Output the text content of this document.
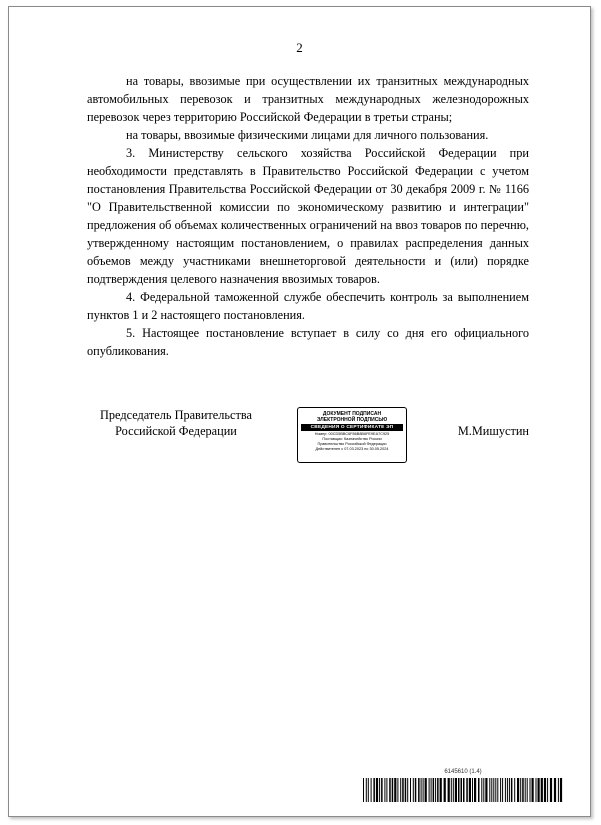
2

на товары, ввозимые при осуществлении их транзитных международных автомобильных перевозок и транзитных международных железнодорожных перевозок через территорию Российской Федерации в третьи страны;

на товары, ввозимые физическими лицами для личного пользования.

3. Министерству сельского хозяйства Российской Федерации при необходимости представлять в Правительство Российской Федерации с учетом постановления Правительства Российской Федерации от 30 декабря 2009 г. № 1166 "О Правительственной комиссии по экономическому развитию и интеграции" предложения об объемах количественных ограничений на ввоз товаров по перечню, утвержденному настоящим постановлением, о правилах распределения данных объемов между участниками внешнеторговой деятельности и (или) порядке подтверждения целевого назначения ввозимых товаров.

4. Федеральной таможенной службе обеспечить контроль за выполнением пунктов 1 и 2 настоящего постановления.

5. Настоящее постановление вступает в силу со дня его официального опубликования.

Председатель Правительства
Российской Федерации
ДОКУМЕНТ ПОДПИСАН
ЭЛЕКТРОННОЙ ПОДПИСЬЮ
СВЕДЕНИЯ О СЕРТИФИКАТЕ ЭП
Номер: 00CD5BBC6F86B8B6FE9EA7C925
Поставщик: Казначейство России
Правительство Российской Федерации
Действителен с 07.03.2023 по 30.05.2024
М.Мишустин
6145610 (1.4)
